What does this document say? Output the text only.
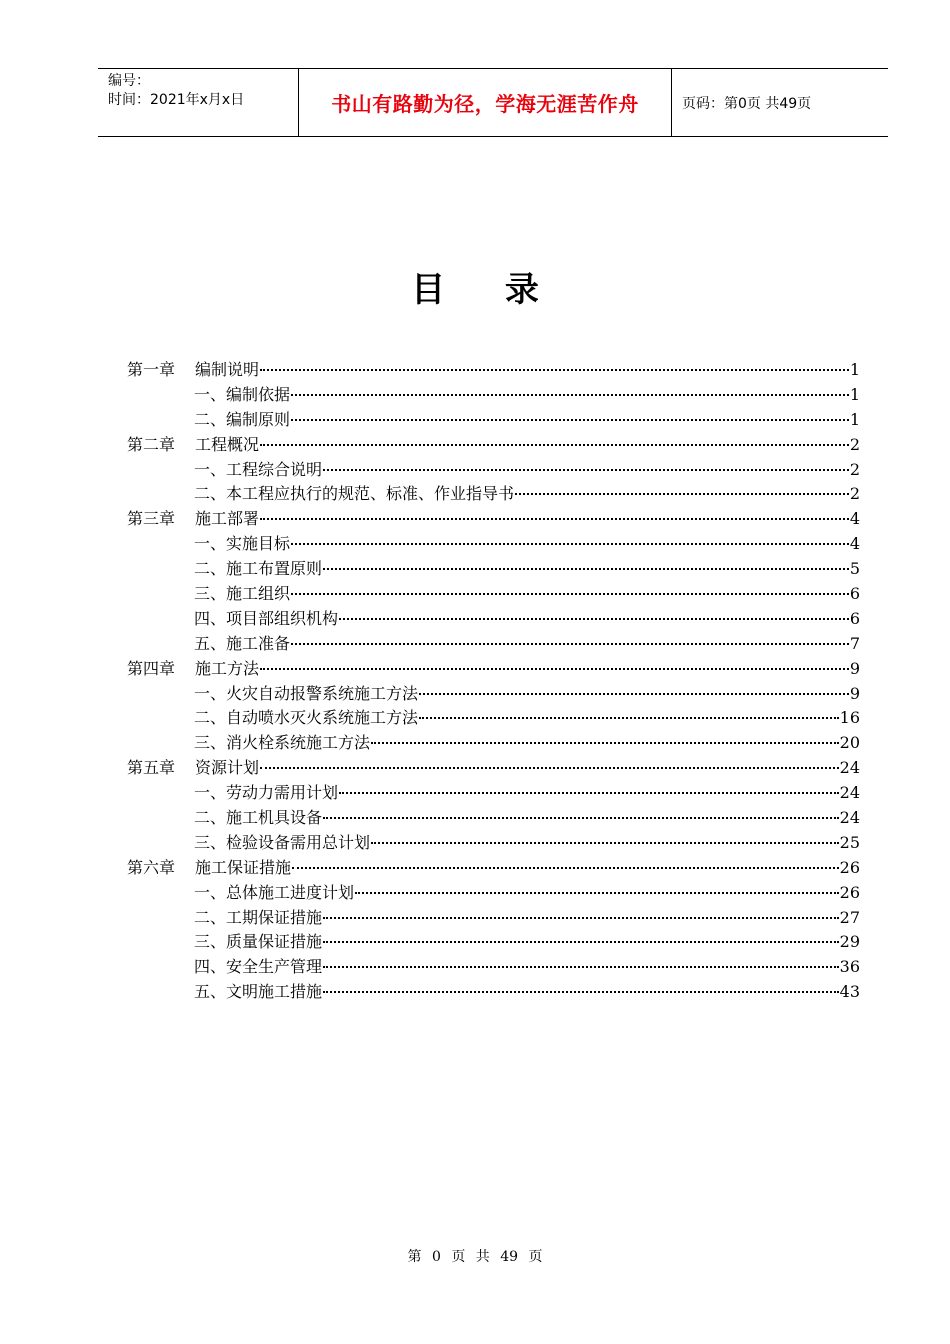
编号：
时间：2021年x月x日	书山有路勤为径，学海无涯苦作舟	页码：第0页 共49页
目 录
第一章 编制说明	1
一、编制依据	1
二、编制原则	1
第二章 工程概况	2
一、工程综合说明	2
二、本工程应执行的规范、标准、作业指导书	2
第三章 施工部署	4
一、实施目标	4
二、施工布置原则	5
三、施工组织	6
四、项目部组织机构	6
五、施工准备	7
第四章 施工方法	9
一、火灾自动报警系统施工方法	9
二、自动喷水灭火系统施工方法	16
三、消火栓系统施工方法	20
第五章 资源计划	24
一、劳动力需用计划	24
二、施工机具设备	24
三、检验设备需用总计划	25
第六章 施工保证措施	26
一、总体施工进度计划	26
二、工期保证措施	27
三、质量保证措施	29
四、安全生产管理	36
五、文明施工措施	43
第 0 页 共 49 页
